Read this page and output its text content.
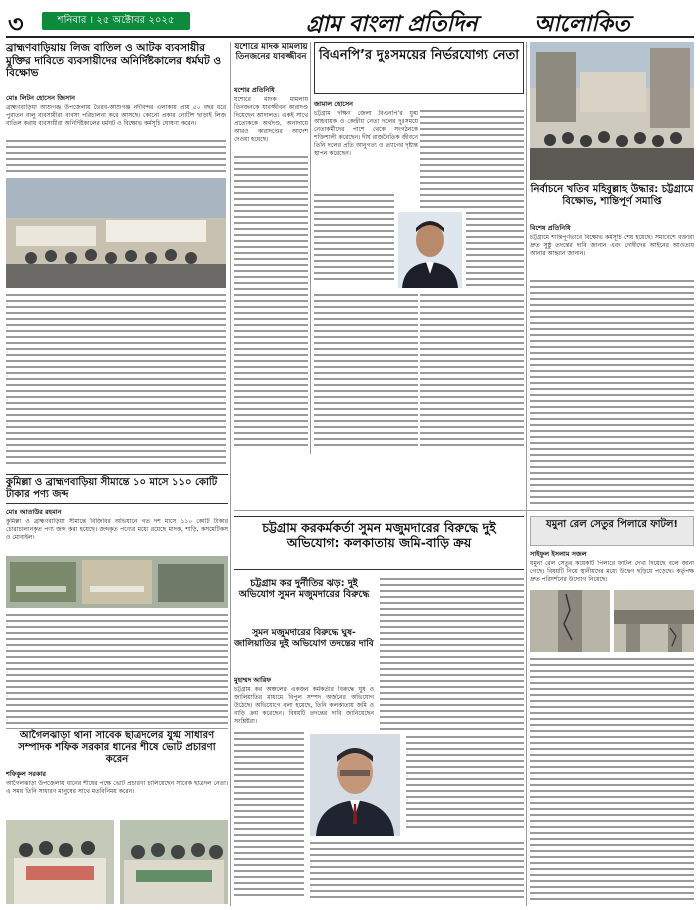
৩	শনিবার । ২৫ অক্টোবর ২০২৫	গ্রাম বাংলা প্রতিদিন	আলোকিত
ব্রাহ্মণবাড়িয়ায় লিজ বাতিল ও আটক ব্যবসায়ীর মুক্তির দাবিতে ব্যবসায়ীদের অনির্দিষ্টকালের ধর্মঘট ও বিক্ষোভ
মোঃ লিটন হোসেন জিসান
ব্রাহ্মণবাড়িয়া আশুগঞ্জ উপজেলায় ভৈরব-আশুগঞ্জ নদীবন্দর এলাকায় প্রায় ৫০ বছর ধরে পুরাতন বালু ব্যবসায়ীরা ব্যবসা পরিচালনা করে আসছে। কোনো প্রকার নোটিশ ছাড়াই লিজ বাতিল করায় ব্যবসায়ীরা অনির্দিষ্টকালের ধর্মঘট ও বিক্ষোভ কর্মসূচি ঘোষণা করেন।
যশোরে মাদক মামলায় তিনজনের যাবজ্জীবন
যশোর প্রতিনিধি
যশোরে মাদক মামলায় তিনজনকে যাবজ্জীবন কারাদণ্ড দিয়েছেন আদালত। একই সাথে প্রত্যেককে অর্থদণ্ড, অনাদায়ে আরও কারাদণ্ডের আদেশ দেওয়া হয়েছে।
বিএনপি’র দুঃসময়ের নির্ভরযোগ্য নেতা
জামাল হোসেন
চট্টগ্রাম দক্ষিণ জেলা বিএনপি’র যুগ্ম আহবায়ক ও কেন্দ্রীয় নেতা দলের দুঃসময়ে নেতাকর্মীদের পাশে থেকে সংগঠনকে শক্তিশালী করেছেন। দীর্ঘ রাজনৈতিক জীবনে তিনি দলের প্রতি আনুগত্য ও ত্যাগের দৃষ্টান্ত স্থাপন করেছেন।
নির্বাচনে খতিব মহিবুল্লাহ উদ্ধার: চট্টগ্রামে বিক্ষোভ, শান্তিপূর্ণ সমাপ্তি
বিশেষ প্রতিনিধি
চট্টগ্রামে শান্তিপূর্ণভাবে বিক্ষোভ কর্মসূচি শেষ হয়েছে। সমাবেশে বক্তারা দ্রুত সুষ্ঠু তদন্তের দাবি জানান এবং দোষীদের আইনের আওতায় আনার আহ্বান জানান।
কুমিল্লা ও ব্রাহ্মণবাড়িয়া সীমান্তে ১০ মাসে ১১০ কোটি টাকার পণ্য জব্দ
মোঃ আতাউর রহমান
কুমিল্লা ও ব্রাহ্মণবাড়িয়া সীমান্তে বিজিবির অভিযানে গত দশ মাসে ১১০ কোটি টাকার চোরাচালানকৃত পণ্য জব্দ করা হয়েছে। জব্দকৃত পণ্যের মধ্যে রয়েছে মাদক, শাড়ি, কসমেটিকস ও মোবাইল।
আগৈলঝাড়া থানা সাবেক ছাত্রদলের যুগ্ম সাধারণ সম্পাদক শফিক সরকার ধানের শীষে ভোট প্রচারণা করেন
শফিকুল সরকার
আগৈলঝাড়া উপজেলায় ধানের শীষের পক্ষে ভোট প্রচারণা চালিয়েছেন সাবেক ছাত্রদল নেতা। এ সময় তিনি সাধারণ মানুষের সাথে মতবিনিময় করেন।
চট্টগ্রাম করকর্মকর্তা সুমন মজুমদারের বিরুদ্ধে দুই অভিযোগ: কলকাতায় জমি-বাড়ি ক্রয়
চট্টগ্রাম কর দুর্নীতির ঝড়: দুই অভিযোগ সুমন মজুমদারের বিরুদ্ধে
সুমন মজুমদারের বিরুদ্ধে ঘুষ-জালিয়াতির দুই অভিযোগ তদন্তের দাবি
মুহাম্মদ আরিফ
চট্টগ্রাম কর অঞ্চলের একজন কর্মকর্তার বিরুদ্ধে ঘুষ ও জালিয়াতির মাধ্যমে বিপুল সম্পদ অর্জনের অভিযোগ উঠেছে। অভিযোগে বলা হয়েছে, তিনি কলকাতায় জমি ও বাড়ি ক্রয় করেছেন। বিষয়টি তদন্তের দাবি জানিয়েছেন সংশ্লিষ্টরা।
যমুনা রেল সেতুর পিলারে ফাটল!
সাইফুল ইসলাম সজল
যমুনা রেল সেতুর কয়েকটি পিলারে ফাটল দেখা দিয়েছে বলে জানা গেছে। বিষয়টি নিয়ে স্থানীয়দের মধ্যে উদ্বেগ ছড়িয়ে পড়েছে। কর্তৃপক্ষ দ্রুত পরিদর্শনের উদ্যোগ নিয়েছে।
